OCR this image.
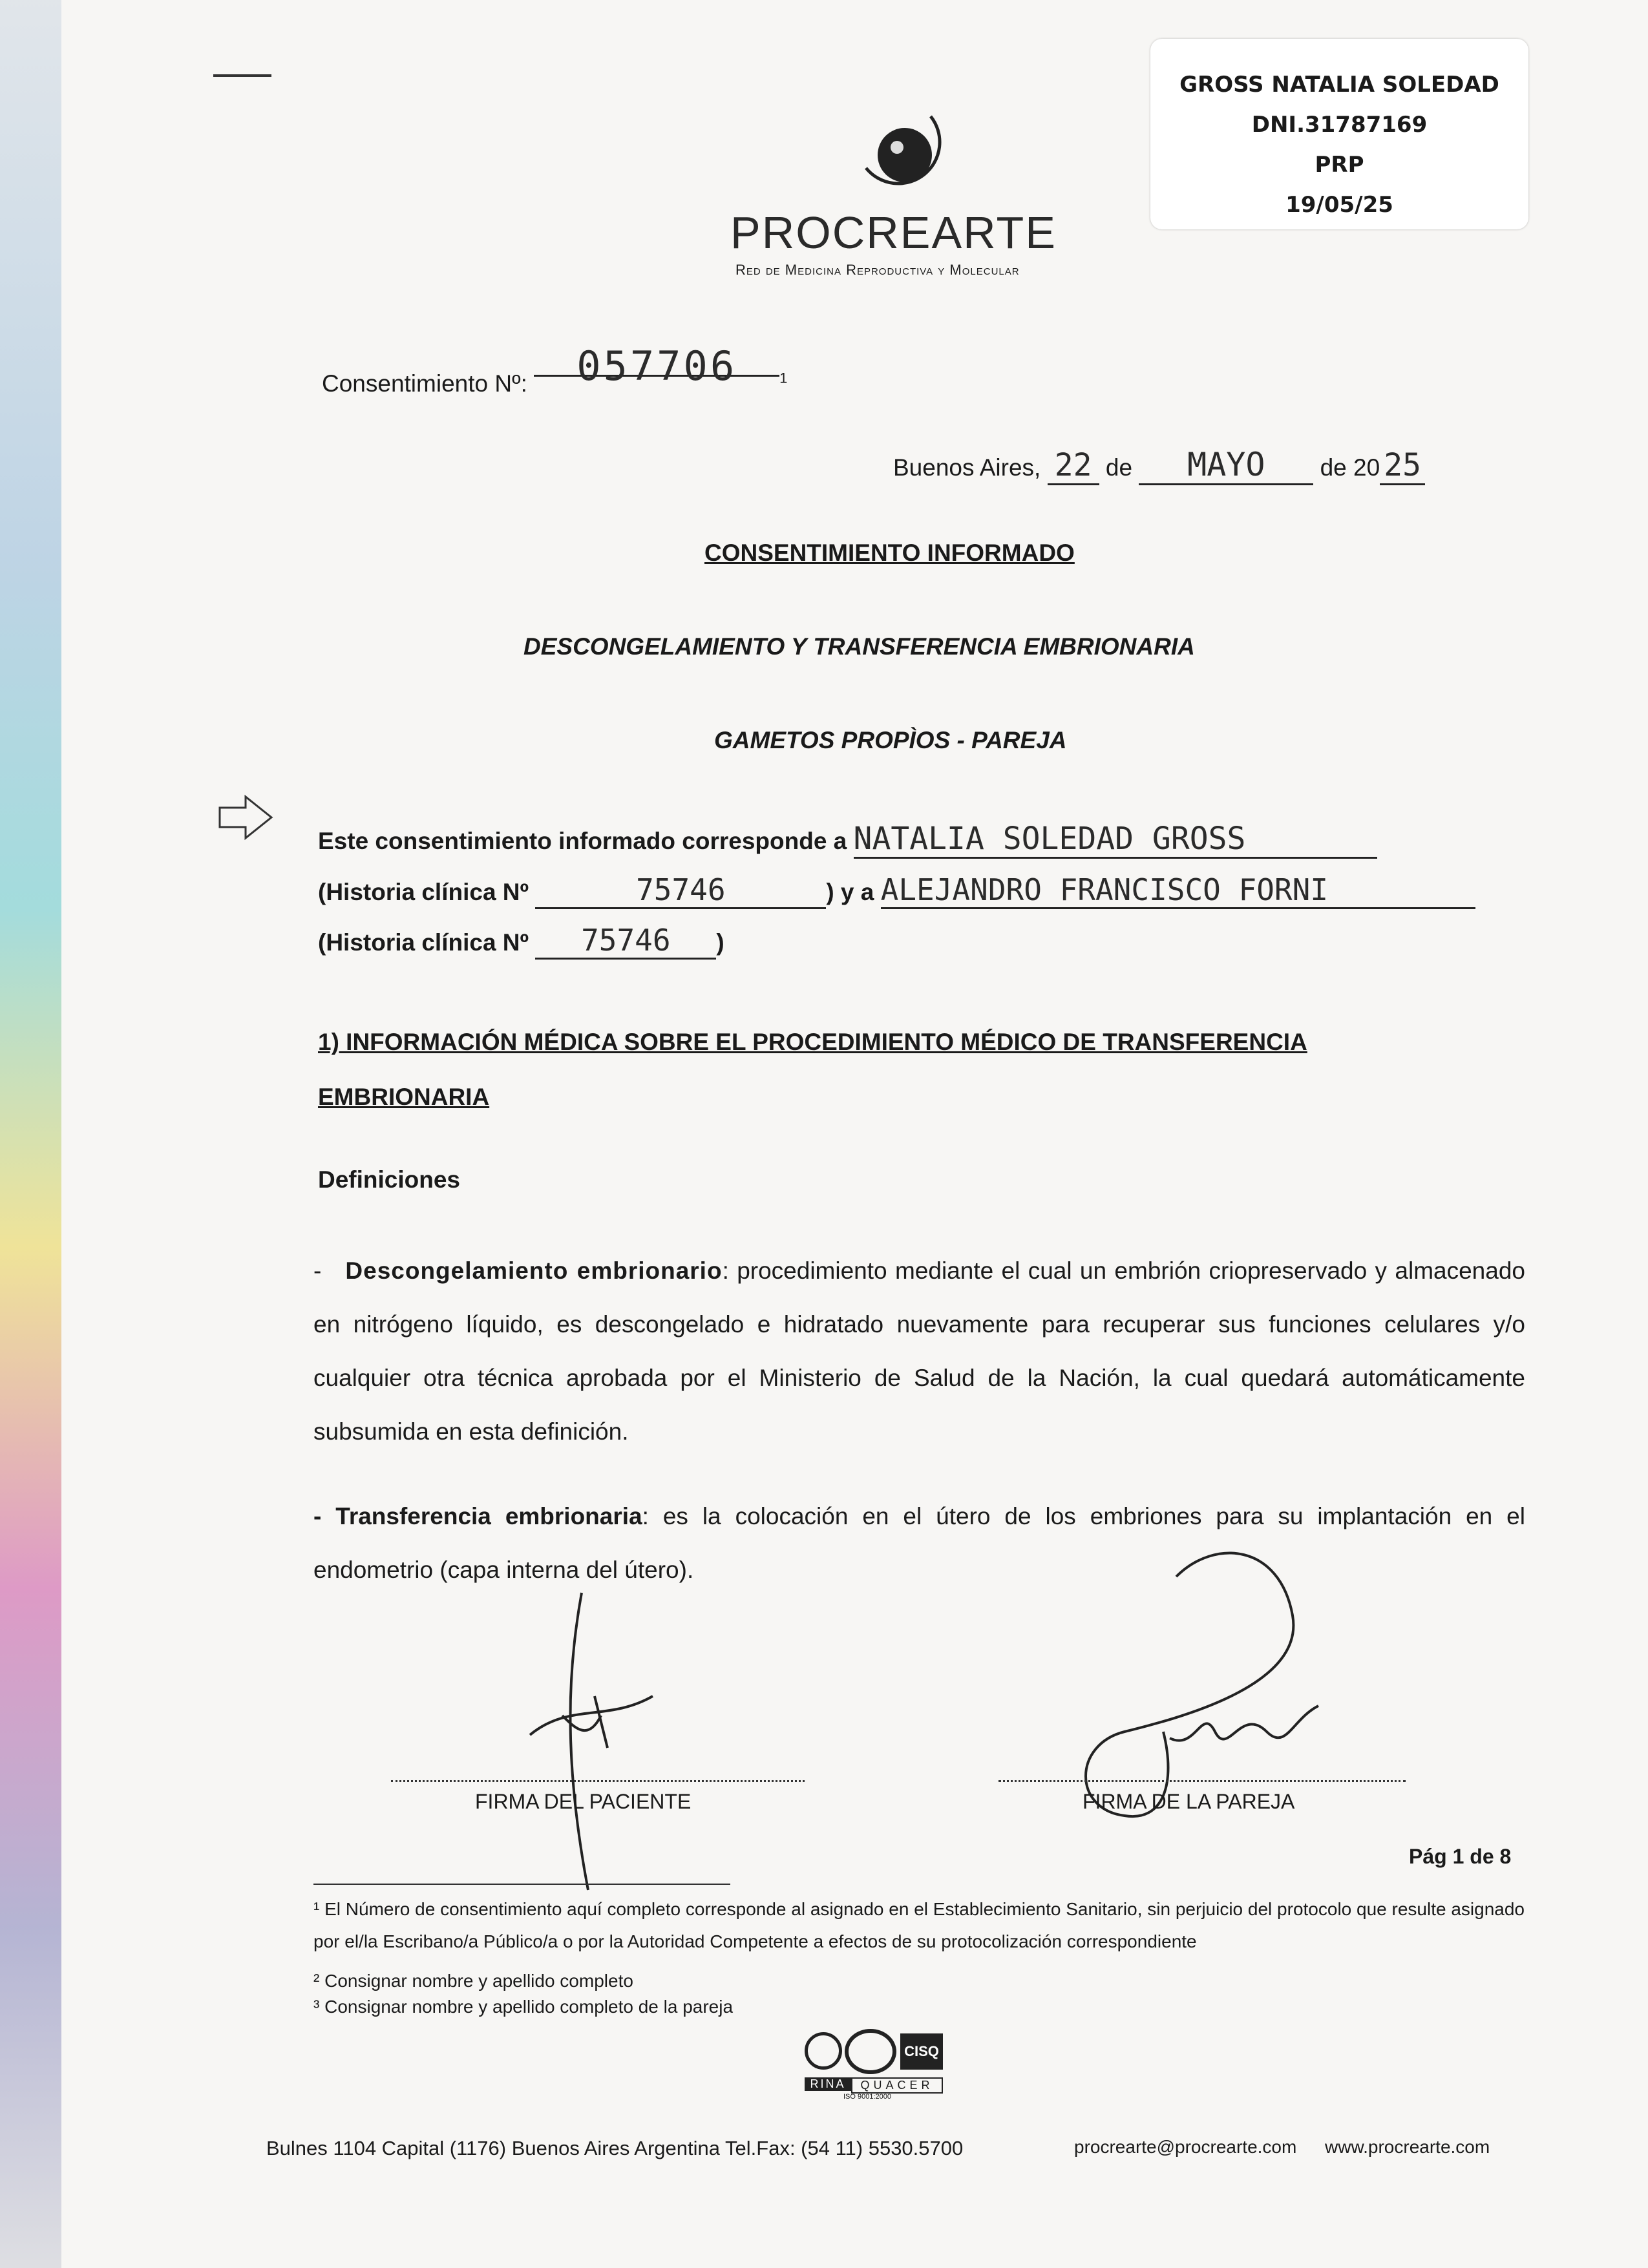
GROSS NATALIA SOLEDAD
DNI.31787169
PRP
19/05/25
PROCREARTE
Red de Medicina Reproductiva y Molecular
Consentimiento Nº: 057706	$^1$
Buenos Aires, 22 de MAYO de 20 25
CONSENTIMIENTO INFORMADO
DESCONGELAMIENTO Y TRANSFERENCIA EMBRIONARIA
GAMETOS PROPÌOS - PAREJA
Este consentimiento informado corresponde a NATALIA SOLEDAD GROSS
(Historia clínica Nº	75746	) y a ALEJANDRO FRANCISCO FORNI
(Historia clínica Nº 75746 )
1) INFORMACIÓN MÉDICA SOBRE EL PROCEDIMIENTO MÉDICO DE TRANSFERENCIA
EMBRIONARIA
Definiciones
-   Descongelamiento embrionario: procedimiento mediante el cual un embrión criopreservado y almacenado en nitrógeno líquido, es descongelado e hidratado nuevamente para recuperar sus funciones celulares y/o cualquier otra técnica aprobada por el Ministerio de Salud de la Nación, la cual quedará automáticamente subsumida en esta definición.
- Transferencia embrionaria: es la colocación en el útero de los embriones para su implantación en el endometrio (capa interna del útero).
FIRMA DEL PACIENTE	FIRMA DE LA PAREJA
Pág 1 de 8
¹ El Número de consentimiento aquí completo corresponde al asignado en el Establecimiento Sanitario, sin perjuicio del protocolo que resulte asignado por el/la Escribano/a Público/a o por la Autoridad Competente a efectos de su protocolización correspondiente
² Consignar nombre y apellido completo
³ Consignar nombre y apellido completo de la pareja
CISQ
RINA	QUACER
ISO 9001:2000
Bulnes 1104 Capital (1176) Buenos Aires Argentina Tel.Fax: (54 11) 5530.5700	procrearte@procrearte.com www.procrearte.com
